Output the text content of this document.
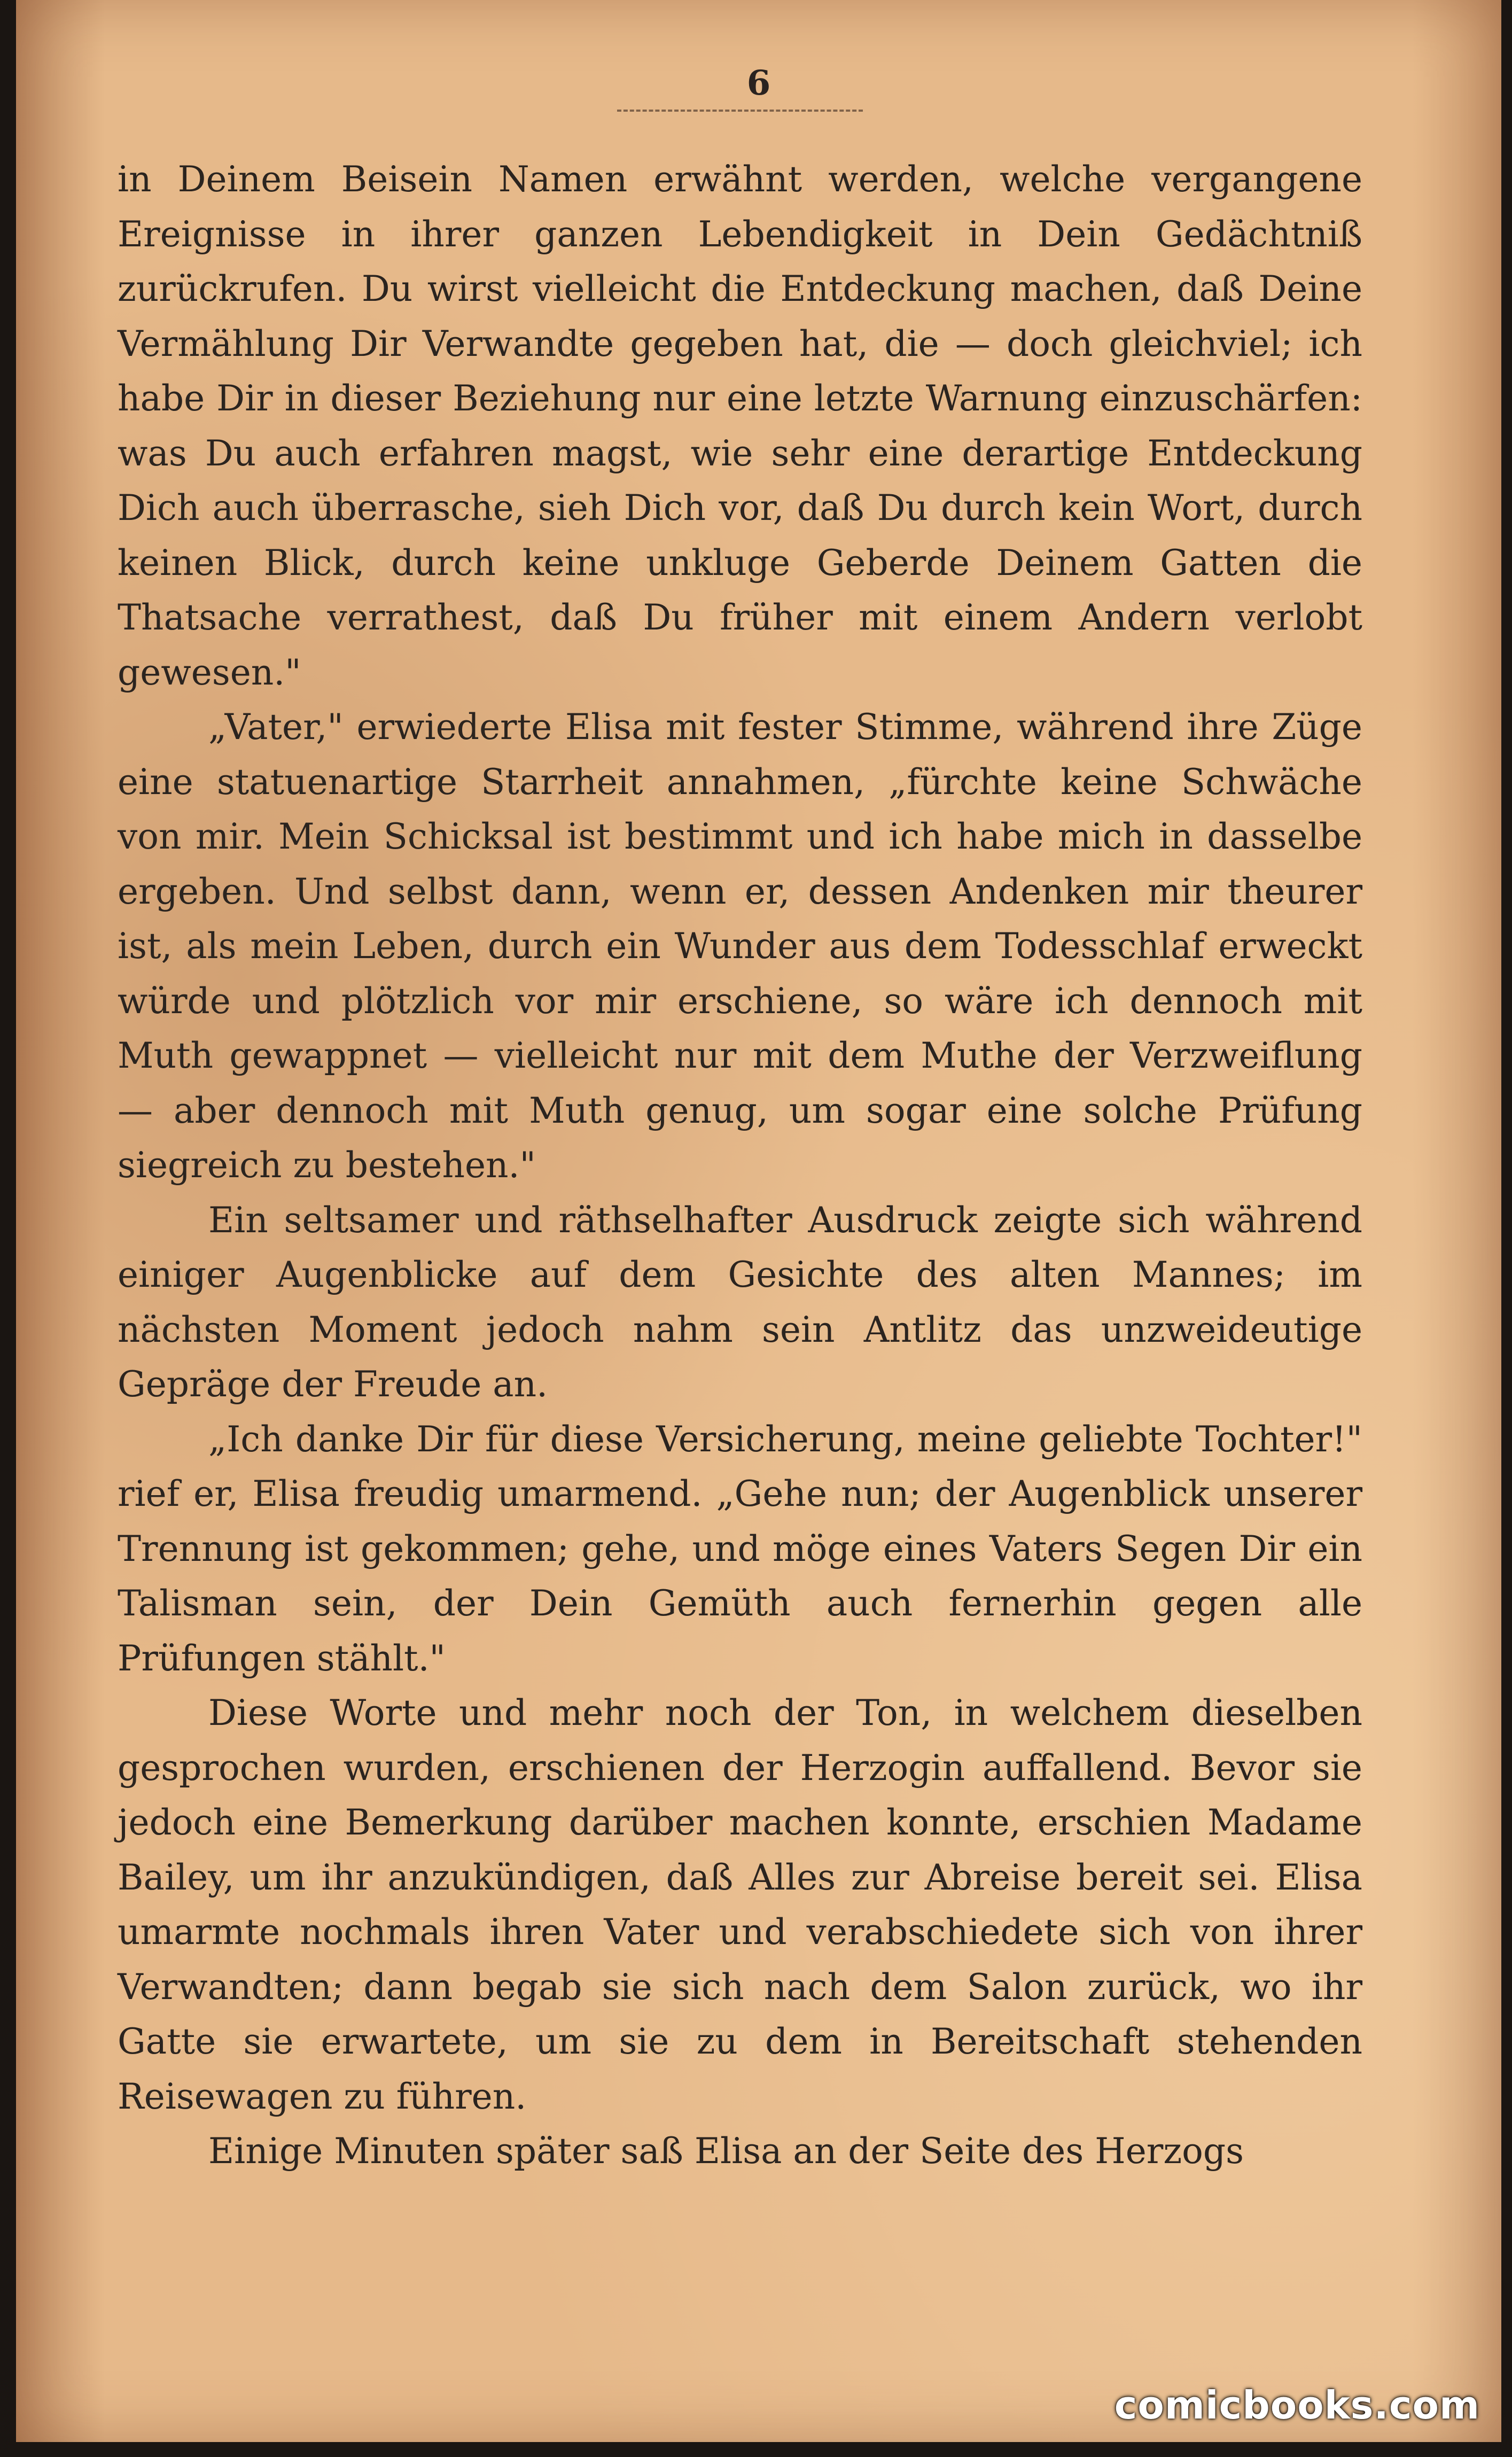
6

in Deinem Beisein Namen erwähnt werden, welche vergangene Ereignisse in ihrer ganzen Lebendigkeit in Dein Gedächtniß zurückrufen. Du wirst vielleicht die Entdeckung machen, daß Deine Vermählung Dir Verwandte gegeben hat, die — doch gleichviel; ich habe Dir in dieser Beziehung nur eine letzte Warnung einzuschärfen: was Du auch erfahren magst, wie sehr eine derartige Entdeckung Dich auch überrasche, sieh Dich vor, daß Du durch kein Wort, durch keinen Blick, durch keine unkluge Geberde Deinem Gatten die Thatsache verrathest, daß Du früher mit einem Andern verlobt gewesen."

„Vater," erwiederte Elisa mit fester Stimme, während ihre Züge eine statuenartige Starrheit annahmen, „fürchte keine Schwäche von mir. Mein Schicksal ist bestimmt und ich habe mich in dasselbe ergeben. Und selbst dann, wenn er, dessen Andenken mir theurer ist, als mein Leben, durch ein Wunder aus dem Todesschlaf erweckt würde und plötzlich vor mir erschiene, so wäre ich dennoch mit Muth gewappnet — vielleicht nur mit dem Muthe der Verzweiflung — aber dennoch mit Muth genug, um sogar eine solche Prüfung siegreich zu bestehen."

Ein seltsamer und räthselhafter Ausdruck zeigte sich während einiger Augenblicke auf dem Gesichte des alten Mannes; im nächsten Moment jedoch nahm sein Antlitz das unzweideutige Gepräge der Freude an.

„Ich danke Dir für diese Versicherung, meine geliebte Tochter!" rief er, Elisa freudig umarmend. „Gehe nun; der Augenblick unserer Trennung ist gekommen; gehe, und möge eines Vaters Segen Dir ein Talisman sein, der Dein Gemüth auch fernerhin gegen alle Prüfungen stählt."

Diese Worte und mehr noch der Ton, in welchem dieselben gesprochen wurden, erschienen der Herzogin auffallend. Bevor sie jedoch eine Bemerkung darüber machen konnte, erschien Madame Bailey, um ihr anzukündigen, daß Alles zur Abreise bereit sei. Elisa umarmte nochmals ihren Vater und verabschiedete sich von ihrer Verwandten; dann begab sie sich nach dem Salon zurück, wo ihr Gatte sie erwartete, um sie zu dem in Bereitschaft stehenden Reisewagen zu führen.

Einige Minuten später saß Elisa an der Seite des Herzogs

comicbooks.com
